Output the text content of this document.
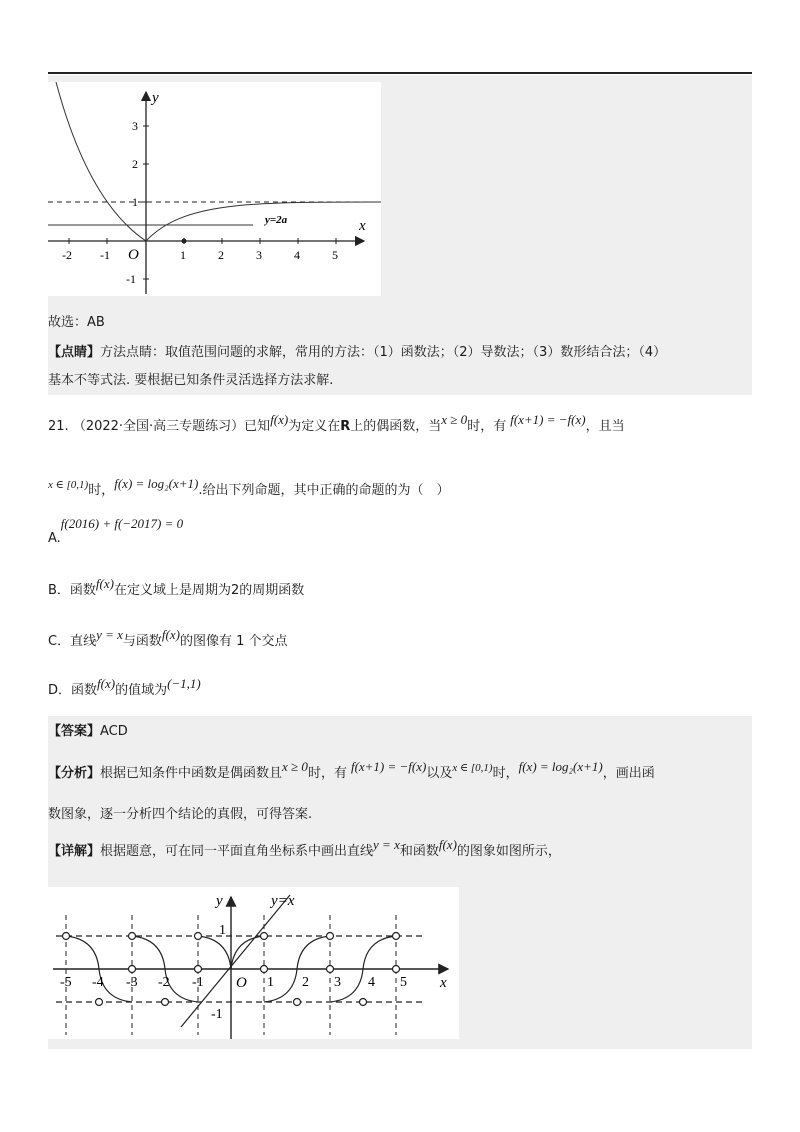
y
x
O
-2 -1	1	2	3	4	5
3
2
1
-1
y=2a
故选：AB
【点睛】方法点睛：取值范围问题的求解，常用的方法：（1）函数法；（2）导数法；（3）数形结合法；（4）
基本不等式法. 要根据已知条件灵活选择方法求解.
21. （2022·全国·高三专题练习）已知f(x)为定义在R上的偶函数，当x ≥ 0时，有 f(x+1) = −f(x)，且当
$^{x \in [0,1)}$时，f(x) = log₂(x+1).给出下列命题，其中正确的命题的为（　）
A.f(2016) + f(−2017) = 0
B．函数f(x)在定义域上是周期为2的周期函数
C．直线y = x与函数f(x)的图像有 1 个交点
D．函数f(x)的值域为(−1,1)
【答案】ACD
【分析】根据已知条件中函数是偶函数且x ≥ 0时，有 f(x+1) = −f(x)以及$^{x \in [0,1)}$时，f(x) = log₂(x+1)，画出函
数图象，逐一分析四个结论的真假，可得答案.
【详解】根据题意，可在同一平面直角坐标系中画出直线y = x和函数f(x)的图象如图所示，
y	y=x
x
O
-5 -4 -3 -2 -1	1 2 3 4 5
1
-1
